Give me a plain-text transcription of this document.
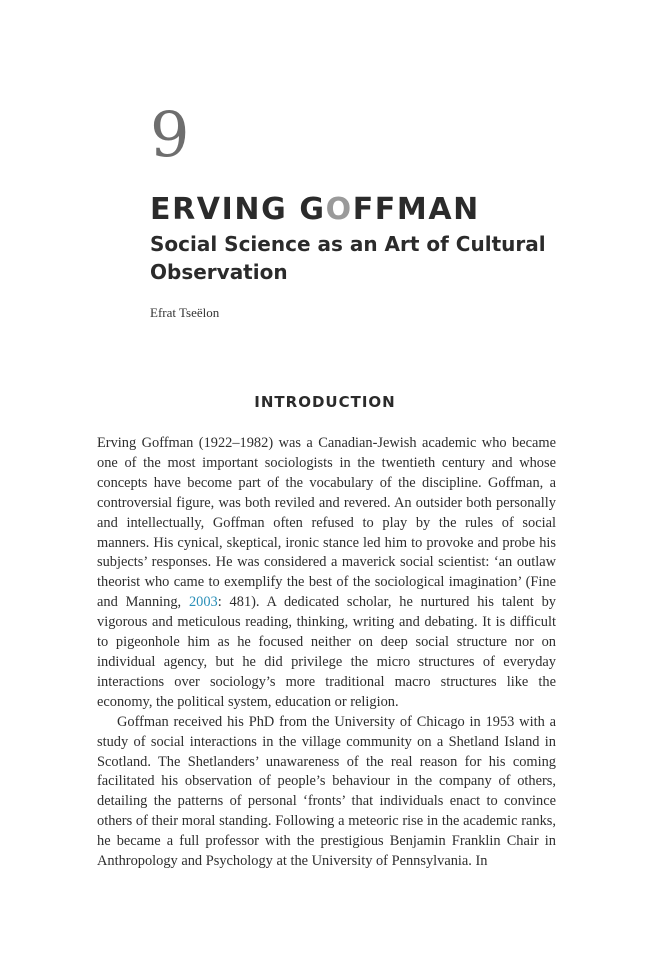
9
ERVING GOFFMAN
Social Science as an Art of Cultural Observation
Efrat Tseëlon
INTRODUCTION

Erving Goffman (1922–1982) was a Canadian-Jewish academic who became one of the most important sociologists in the twentieth century and whose concepts have become part of the vocabulary of the discipline. Goffman, a controversial figure, was both reviled and revered. An outsider both personally and intellectually, Goffman often refused to play by the rules of social manners. His cynical, skeptical, ironic stance led him to provoke and probe his subjects’ responses. He was considered a maverick social scientist: ‘an outlaw theorist who came to exemplify the best of the sociological imagination’ (Fine and Manning, 2003: 481). A dedicated scholar, he nurtured his talent by vigorous and meticulous reading, thinking, writing and debating. It is difficult to pigeonhole him as he focused neither on deep social structure nor on individual agency, but he did privilege the micro structures of everyday interactions over sociology’s more traditional macro structures like the economy, the political system, education or religion.

Goffman received his PhD from the University of Chicago in 1953 with a study of social interactions in the village community on a Shetland Island in Scotland. The Shetlanders’ unawareness of the real reason for his coming facilitated his observation of people’s behaviour in the company of others, detailing the patterns of personal ‘fronts’ that individuals enact to convince others of their moral standing. Following a meteoric rise in the academic ranks, he became a full professor with the prestigious Benjamin Franklin Chair in Anthropology and Psychology at the University of Pennsylvania. In
